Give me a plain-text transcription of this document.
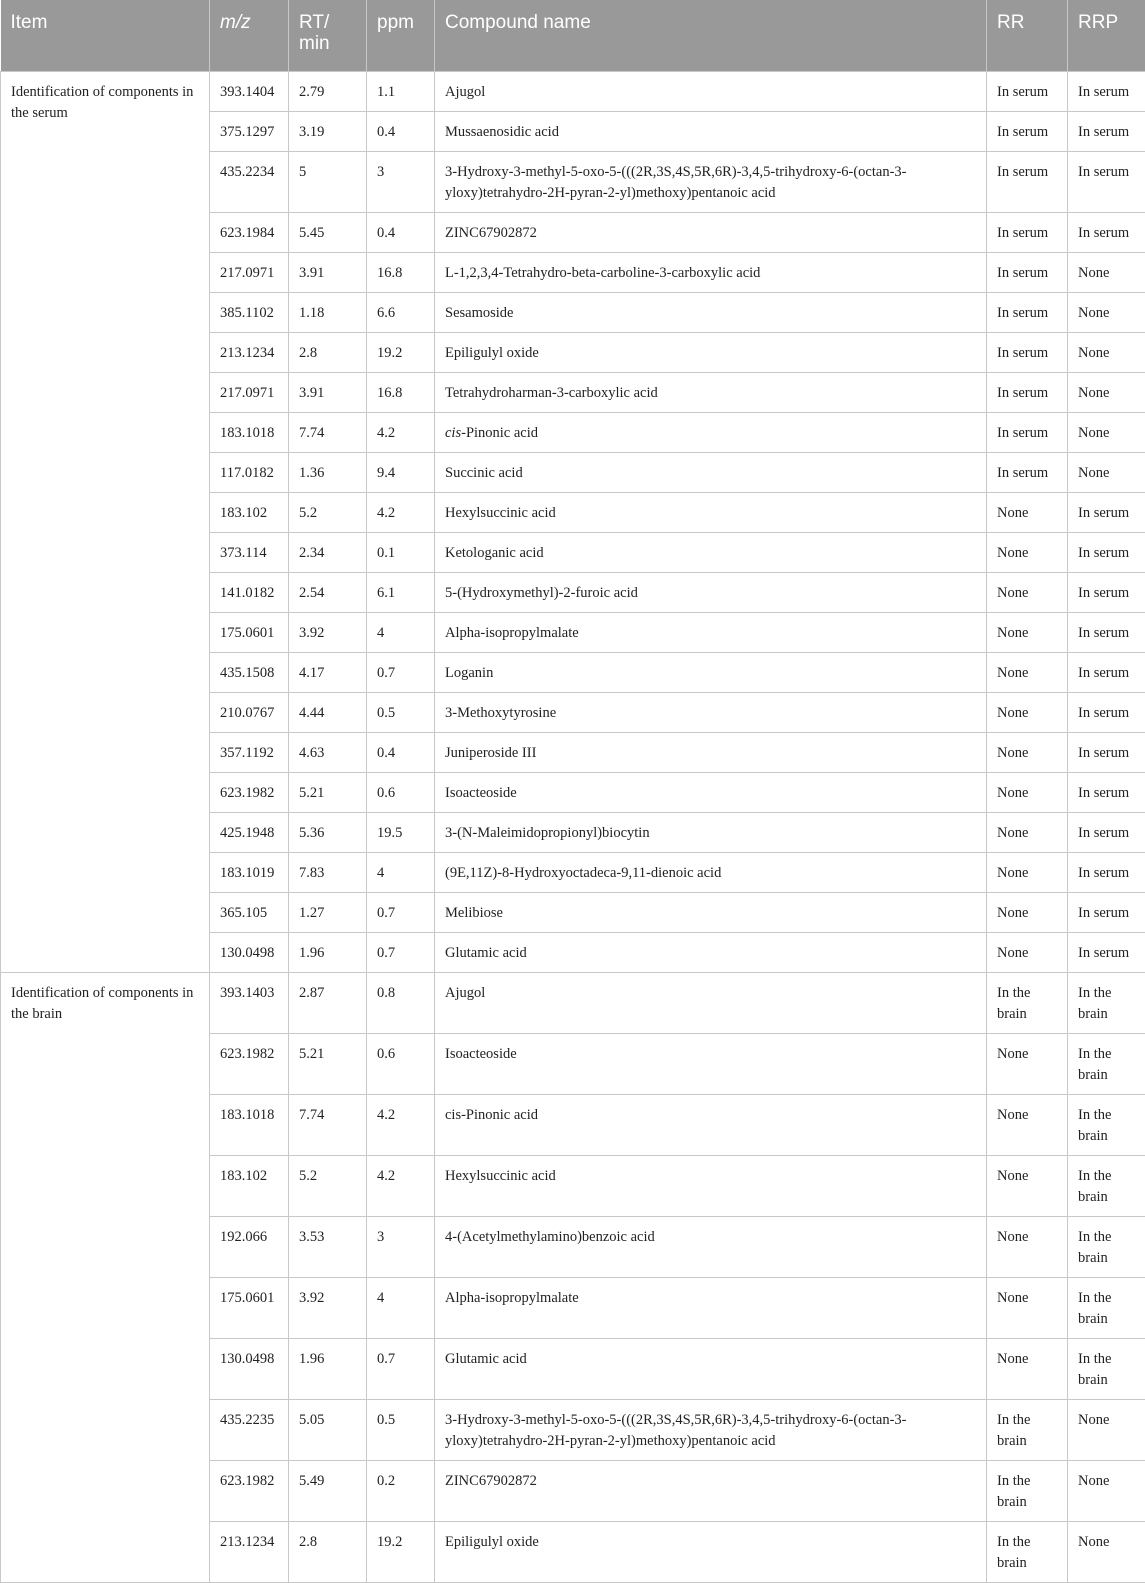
Item	m/z	RT/ min	ppm	Compound name	RR	RRP
Identification of components in the serum	393.1404	2.79	1.1	Ajugol	In serum	In serum
	375.1297	3.19	0.4	Mussaenosidic acid	In serum	In serum
	435.2234	5	3	3-Hydroxy-3-methyl-5-oxo-5-(((2R,3S,4S,5R,6R)-3,4,5-trihydroxy-6-(octan-3-yloxy)tetrahydro-2H-pyran-2-yl)methoxy)pentanoic acid	In serum	In serum
	623.1984	5.45	0.4	ZINC67902872	In serum	In serum
	217.0971	3.91	16.8	L-1,2,3,4-Tetrahydro-beta-carboline-3-carboxylic acid	In serum	None
	385.1102	1.18	6.6	Sesamoside	In serum	None
	213.1234	2.8	19.2	Epiligulyl oxide	In serum	None
	217.0971	3.91	16.8	Tetrahydroharman-3-carboxylic acid	In serum	None
	183.1018	7.74	4.2	cis-Pinonic acid	In serum	None
	117.0182	1.36	9.4	Succinic acid	In serum	None
	183.102	5.2	4.2	Hexylsuccinic acid	None	In serum
	373.114	2.34	0.1	Ketologanic acid	None	In serum
	141.0182	2.54	6.1	5-(Hydroxymethyl)-2-furoic acid	None	In serum
	175.0601	3.92	4	Alpha-isopropylmalate	None	In serum
	435.1508	4.17	0.7	Loganin	None	In serum
	210.0767	4.44	0.5	3-Methoxytyrosine	None	In serum
	357.1192	4.63	0.4	Juniperoside III	None	In serum
	623.1982	5.21	0.6	Isoacteoside	None	In serum
	425.1948	5.36	19.5	3-(N-Maleimidopropionyl)biocytin	None	In serum
	183.1019	7.83	4	(9E,11Z)-8-Hydroxyoctadeca-9,11-dienoic acid	None	In serum
	365.105	1.27	0.7	Melibiose	None	In serum
	130.0498	1.96	0.7	Glutamic acid	None	In serum
Identification of components in the brain	393.1403	2.87	0.8	Ajugol	In the brain	In the brain
	623.1982	5.21	0.6	Isoacteoside	None	In the brain
	183.1018	7.74	4.2	cis-Pinonic acid	None	In the brain
	183.102	5.2	4.2	Hexylsuccinic acid	None	In the brain
	192.066	3.53	3	4-(Acetylmethylamino)benzoic acid	None	In the brain
	175.0601	3.92	4	Alpha-isopropylmalate	None	In the brain
	130.0498	1.96	0.7	Glutamic acid	None	In the brain
	435.2235	5.05	0.5	3-Hydroxy-3-methyl-5-oxo-5-(((2R,3S,4S,5R,6R)-3,4,5-trihydroxy-6-(octan-3-yloxy)tetrahydro-2H-pyran-2-yl)methoxy)pentanoic acid	In the brain	None
	623.1982	5.49	0.2	ZINC67902872	In the brain	None
	213.1234	2.8	19.2	Epiligulyl oxide	In the brain	None
